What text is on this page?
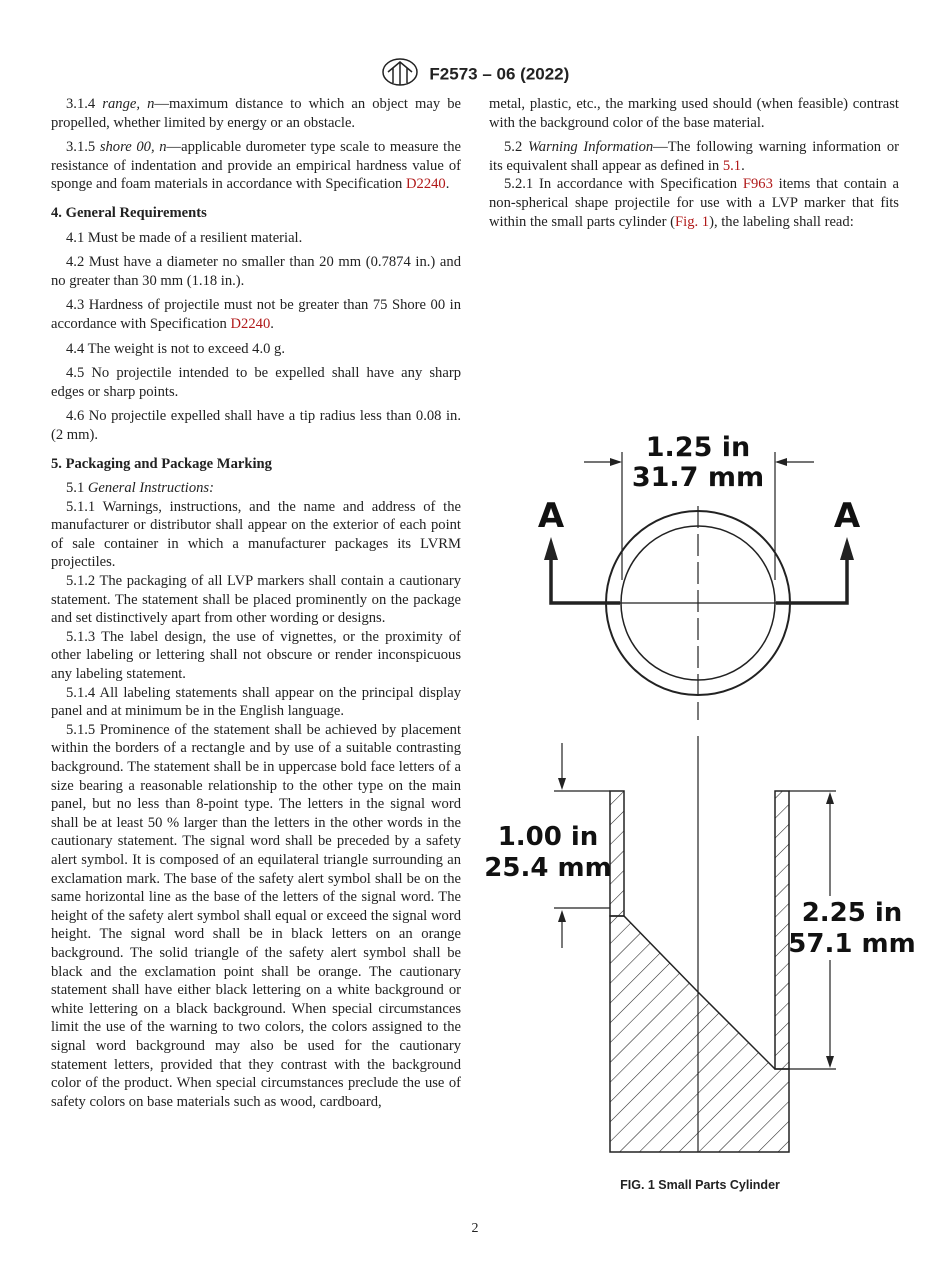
F2573 – 06 (2022)

3.1.4 range, n—maximum distance to which an object may be propelled, whether limited by energy or an obstacle.

3.1.5 shore 00, n—applicable durometer type scale to measure the resistance of indentation and provide an empirical hardness value of sponge and foam materials in accordance with Specification D2240.

4. General Requirements

4.1 Must be made of a resilient material.

4.2 Must have a diameter no smaller than 20 mm (0.7874 in.) and no greater than 30 mm (1.18 in.).

4.3 Hardness of projectile must not be greater than 75 Shore 00 in accordance with Specification D2240.

4.4 The weight is not to exceed 4.0 g.

4.5 No projectile intended to be expelled shall have any sharp edges or sharp points.

4.6 No projectile expelled shall have a tip radius less than 0.08 in. (2 mm).

5. Packaging and Package Marking

5.1 General Instructions:

5.1.1 Warnings, instructions, and the name and address of the manufacturer or distributor shall appear on the exterior of each point of sale container in which a manufacturer packages its LVRM projectiles.

5.1.2 The packaging of all LVP markers shall contain a cautionary statement. The statement shall be placed prominently on the package and set distinctively apart from other wording or designs.

5.1.3 The label design, the use of vignettes, or the proximity of other labeling or lettering shall not obscure or render inconspicuous any labeling statement.

5.1.4 All labeling statements shall appear on the principal display panel and at minimum be in the English language.

5.1.5 Prominence of the statement shall be achieved by placement within the borders of a rectangle and by use of a suitable contrasting background. The statement shall be in uppercase bold face letters of a size bearing a reasonable relationship to the other type on the main panel, but no less than 8-point type. The letters in the signal word shall be at least 50 % larger than the letters in the other words in the cautionary statement. The signal word shall be preceded by a safety alert symbol. It is composed of an equilateral triangle surrounding an exclamation mark. The base of the safety alert symbol shall be on the same horizontal line as the base of the letters of the signal word. The height of the safety alert symbol shall equal or exceed the signal word height. The signal word shall be in black letters on an orange background. The solid triangle of the safety alert symbol shall be black and the exclamation point shall be orange. The cautionary statement shall have either black lettering on a white background or white lettering on a black background. When special circumstances limit the use of the warning to two colors, the colors assigned to the signal word background may also be used for the cautionary statement letters, provided that they contrast with the background color of the product. When special circumstances preclude the use of safety colors on base materials such as wood, cardboard,

metal, plastic, etc., the marking used should (when feasible) contrast with the background color of the base material.

5.2 Warning Information—The following warning information or its equivalent shall appear as defined in 5.1.

5.2.1 In accordance with Specification F963 items that contain a non-spherical shape projectile for use with a LVP marker that fits within the small parts cylinder (Fig. 1), the labeling shall read:

1.25 in
31.7 mm
A	A
1.00 in
25.4 mm
2.25 in
57.1 mm
FIG. 1 Small Parts Cylinder
2
